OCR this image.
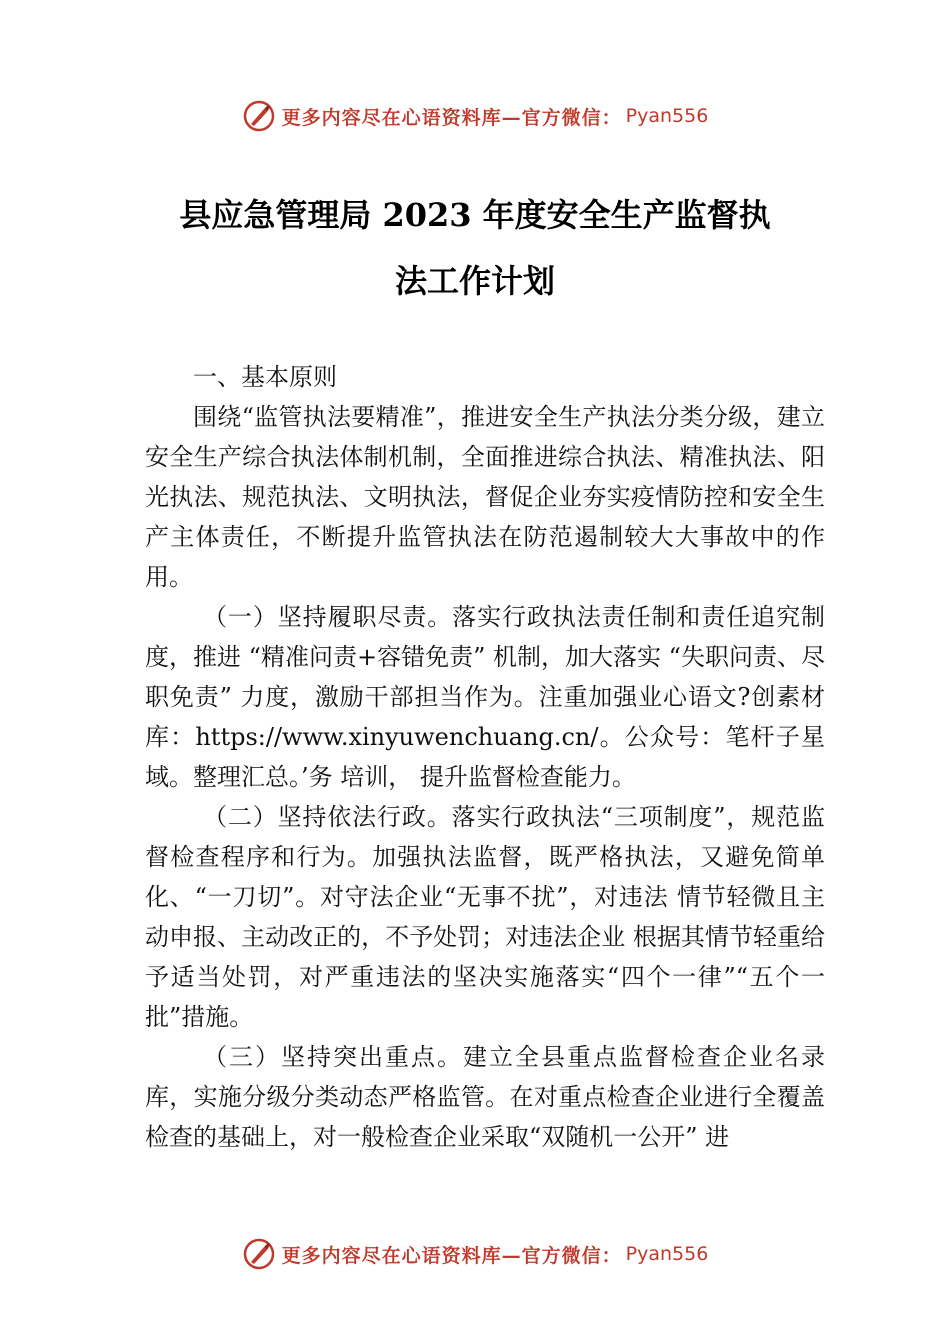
更多内容尽在心语资料库—官方微信： Pyan556
县应急管理局 2023 年度安全生产监督执
法工作计划

一、基本原则

围绕“监管执法要精准”，推进安全生产执法分类分级，建立安全生产综合执法体制机制，全面推进综合执法、精准执法、阳光执法、规范执法、文明执法，督促企业夯实疫情防控和安全生产主体责任，不断提升监管执法在防范遏制较大大事故中的作用。

（一）坚持履职尽责。落实行政执法责任制和责任追究制度，推进 “精准问责+容错免责” 机制，加大落实 “失职问责、尽职免责” 力度，激励干部担当作为。注重加强业心语文?创素材库：https://www.xinyuwenchuang.cn/。公众号：笔杆子星域。整理汇总。’务 培训， 提升监督检查能力。

（二）坚持依法行政。落实行政执法“三项制度”，规范监督检查程序和行为。加强执法监督，既严格执法，又避免简单化、“一刀切”。对守法企业“无事不扰”，对违法 情节轻微且主动申报、主动改正的，不予处罚；对违法企业 根据其情节轻重给予适当处罚，对严重违法的坚决实施落实“四个一律”“五个一批”措施。

（三）坚持突出重点。建立全县重点监督检查企业名录库，实施分级分类动态严格监管。在对重点检查企业进行全覆盖检查的基础上，对一般检查企业采取“双随机一公开” 进

更多内容尽在心语资料库—官方微信： Pyan556
